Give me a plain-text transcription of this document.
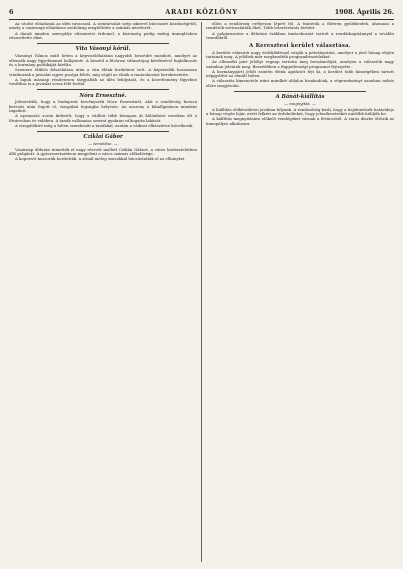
6	ARADI KÖZLÖNY	1908. Április 26.

Az utolsó előadások az idén tavasszal. A színtársulat szép sikerrel búcsúzott közönségétől, amely a vasárnapi előadáson zsúfolásig megtöltötte a színház nézőterét.

A darab minden szereplője elismerést érdemel, a közönség pedig meleg ünneplésben részesítette őket.

Vita Vásonyi körül.

Vázsonyi Vilmos múlt héten a képviselőházban nagyobb beszédet mondott, amelyet az ellenzék nagy figyelemmel hallgatott. A beszéd a fővárosi választójog kérdésével foglalkozott és a kormány politikáját bírálta.

Szemere Miklós felszólalása után a vita élénk fordulatot vett. A képviselők hosszasan vitatkoztak a javaslat egyes pontjai felett, míg végül az elnök a tanácskozást berekesztette.

A lapok másnap részletesen tárgyalták az ülés lefolyását, és a közvélemény figyelme továbbra is a javaslat sorsa felé fordul.

Nóra Ernesztné.

Jelentettük, hogy a budapesti törvényszék Nóra Ernesztnét, akit a rendőrség hosszú keresés után fogott el, vizsgálati fogságba helyezte. Az asszony a kihallgatáson mindent tagadott.

A nyomozás során kiderült, hogy a vádlott több hónapon át különböző neveken élt a fővárosban és vidéken. A tanúk vallomása szerint gyakran váltogatta lakását.

A vizsgálóbíró még a héten szembesíti a tanúkkal, azután a vádirat elkészítése következik.

Cziklai Gábor
— temetése. —

Vasárnap délután temették el nagy részvét mellett Cziklai Gábort, a város köztiszteletben álló polgárát. A gyászszertartáson megjelent a város számos előkelősége.

A koporsót koszorúk borították, a sírnál meleg szavakkal búcsúztatták el az elhunytat.

ellen a rendőrség erélyesen lépett fel. A tüntetők a főtéren gyülekeztek, ahonnan a rendőrök szétoszlatták őket. Több letartóztatás történt.

A polgármester a délutáni órákban tanácskozást tartott a rendőrkapitánnyal a további teendőkről.

A Keresztesi kerület választása.

A kerület választói nagy érdeklődéssel várják a pótválasztást, amelyet a jövő hónap elején tartanak meg. A jelöltek már megkezdték programbeszédeiket.

Az ellenzéki párt jelöltje tegnap tartotta meg beszámolóját, amelyen a választók nagy számban jelentek meg. Beszédében a függetlenségi programot fejtegette.

A kormánypárti jelölt szintén élénk agitációt fejt ki, a kerület több községében tartott népgyűlést az elmúlt héten.

A választás kimenetele iránt mindkét oldalon bizakodóak, a végeredményt azonban nehéz előre megjósolni.

A Bánát-kiállítás
— megnyitás. —

A kiállítás előkészületei javában folynak. A rendezőség közli, hogy a bejelentések határideje a hónap végén lejár, ezért felkéri az érdekelteket, hogy jelentkezésüket mielőbb küldjék be.

A kiállítás megnyitására előkelő vendégeket várnak a fővárosból. A város díszbe öltözik az ünnepélyes alkalomra.
